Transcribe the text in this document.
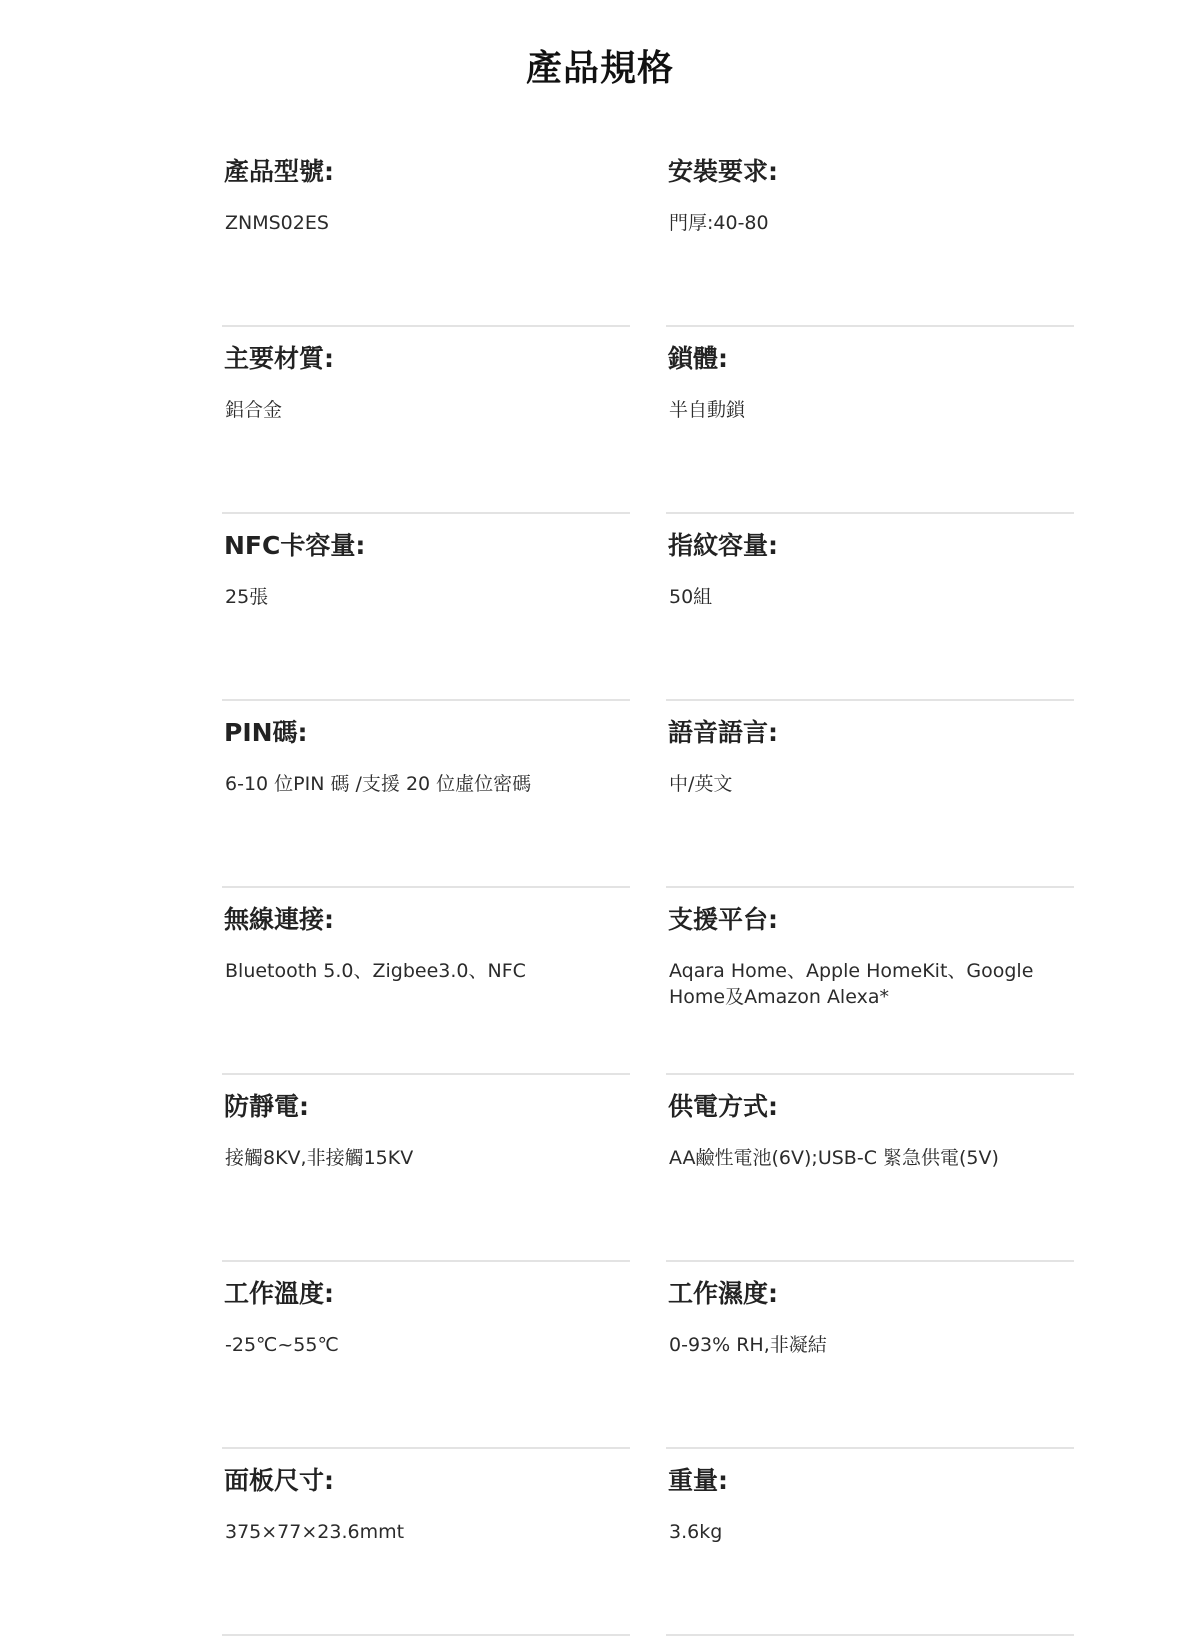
產品規格
產品型號:
ZNMS02ES
安裝要求:
門厚:40-80
主要材質:
鋁合金
鎖體:
半自動鎖
NFC卡容量:
25張
指紋容量:
50組
PIN碼:
6-10 位PIN 碼 /支援 20 位虛位密碼
語音語言:
中/英文
無線連接:
Bluetooth 5.0、Zigbee3.0、NFC
支援平台:
Aqara Home、Apple HomeKit、Google Home及Amazon Alexa*
防靜電:
接觸8KV,非接觸15KV
供電方式:
AA鹼性電池(6V);USB-C 緊急供電(5V)
工作溫度:
-25℃~55℃
工作濕度:
0-93% RH,非凝結
面板尺寸:
375×77×23.6mmt
重量:
3.6kg
